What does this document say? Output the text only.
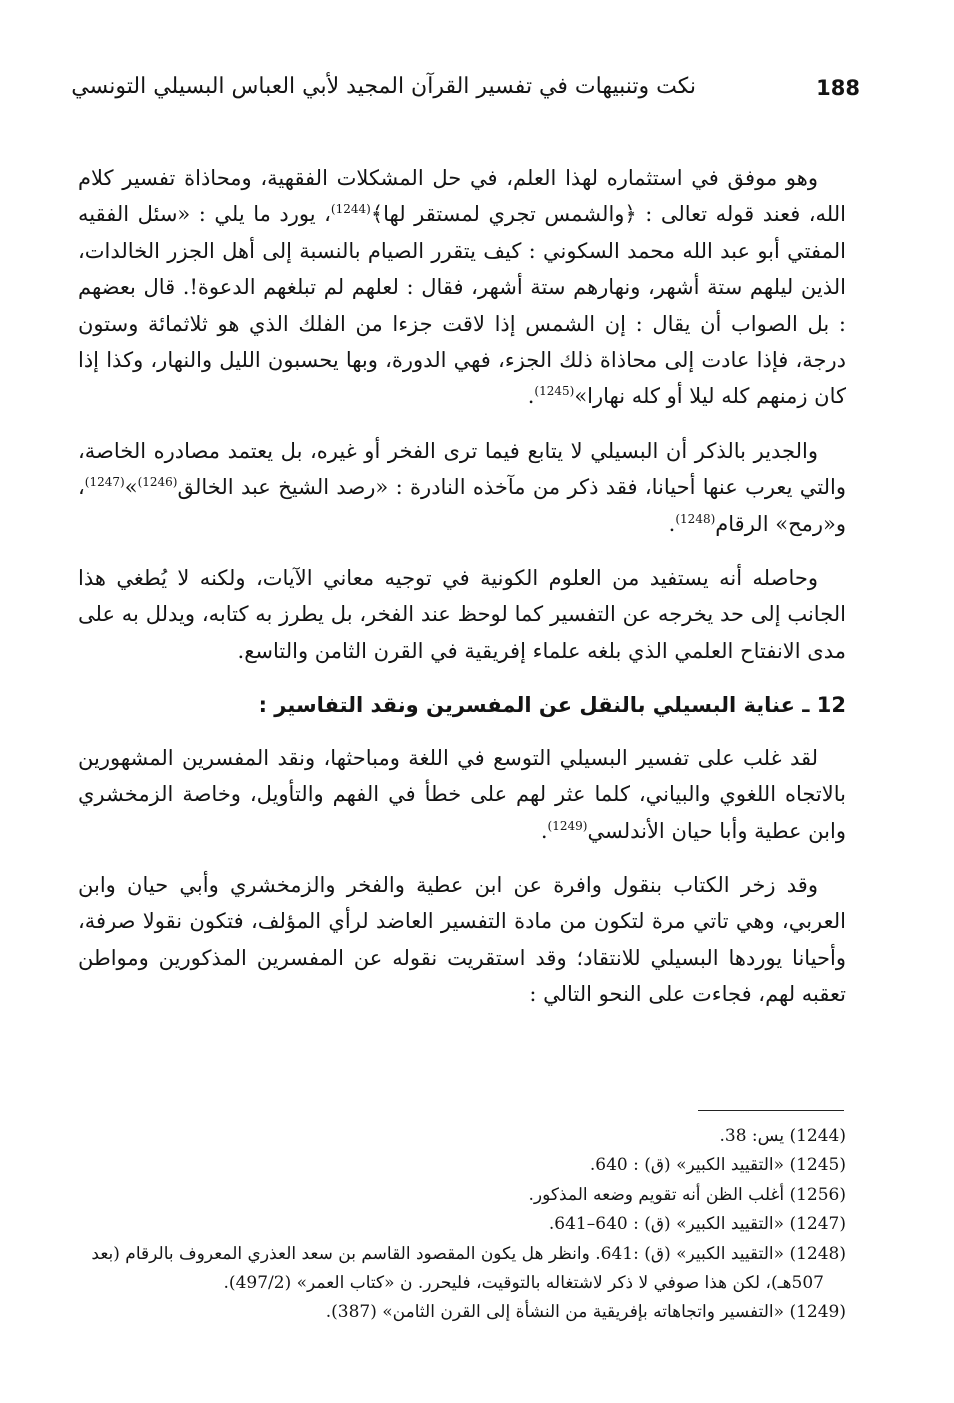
نكت وتنبيهات في تفسير القرآن المجيد لأبي العباس البسيلي التونسي	188

وهو موفق في استثماره لهذا العلم، في حل المشكلات الفقهية، ومحاذاة تفسير كلام الله، فعند قوله تعالى : ﴿والشمس تجري لمستقر لها﴾$^{(1244)}$، يورد ما يلي : «سئل الفقيه المفتي أبو عبد الله محمد السكوني : كيف يتقرر الصيام بالنسبة إلى أهل الجزر الخالدات، الذين ليلهم ستة أشهر، ونهارهم ستة أشهر، فقال : لعلهم لم تبلغهم الدعوة!. قال بعضهم : بل الصواب أن يقال : إن الشمس إذا لاقت جزءا من الفلك الذي هو ثلاثمائة وستون درجة، فإذا عادت إلى محاذاة ذلك الجزء، فهي الدورة، وبها يحسبون الليل والنهار، وكذا إذا كان زمنهم كله ليلا أو كله نهارا»$^{(1245)}$.

والجدير بالذكر أن البسيلي لا يتابع فيما ترى الفخر أو غيره، بل يعتمد مصادره الخاصة، والتي يعرب عنها أحيانا، فقد ذكر من مآخذه النادرة : «رصد الشيخ عبد الخالق$^{(1246)}$»$^{(1247)}$، و«رمح» الرقام$^{(1248)}$.

وحاصله أنه يستفيد من العلوم الكونية في توجيه معاني الآيات، ولكنه لا يُطغي هذا الجانب إلى حد يخرجه عن التفسير كما لوحظ عند الفخر، بل يطرز به كتابه، ويدلل به على مدى الانفتاح العلمي الذي بلغه علماء إفريقية في القرن الثامن والتاسع.

12 ـ عناية البسيلي بالنقل عن المفسرين ونقد التفاسير :

لقد غلب على تفسير البسيلي التوسع في اللغة ومباحثها، ونقد المفسرين المشهورين بالاتجاه اللغوي والبياني، كلما عثر لهم على خطأ في الفهم والتأويل، وخاصة الزمخشري وابن عطية وأبا حيان الأندلسي$^{(1249)}$.

وقد زخر الكتاب بنقول وافرة عن ابن عطية والفخر والزمخشري وأبي حيان وابن العربي، وهي تاتي مرة لتكون من مادة التفسير العاضد لرأي المؤلف، فتكون نقولا صرفة، وأحيانا يوردها البسيلي للانتقاد؛ وقد استقريت نقوله عن المفسرين المذكورين ومواطن تعقبه لهم، فجاءت على النحو التالي :

(1244) يس: 38.

(1245) «التقييد الكبير» (ق) : 640.

(1256) أغلب الظن أنه تقويم وضعه المذكور.

(1247) «التقييد الكبير» (ق) : 640–641.

(1248) «التقييد الكبير» (ق) :641. وانظر هل يكون المقصود القاسم بن سعد العذري المعروف بالرقام (بعد

507هـ)، لكن هذا صوفي لا ذكر لاشتغاله بالتوقيت، فليحرر. ن «كتاب العمر» (497/2).

(1249) «التفسير واتجاهاته بإفريقية من النشأة إلى القرن الثامن» (387).
